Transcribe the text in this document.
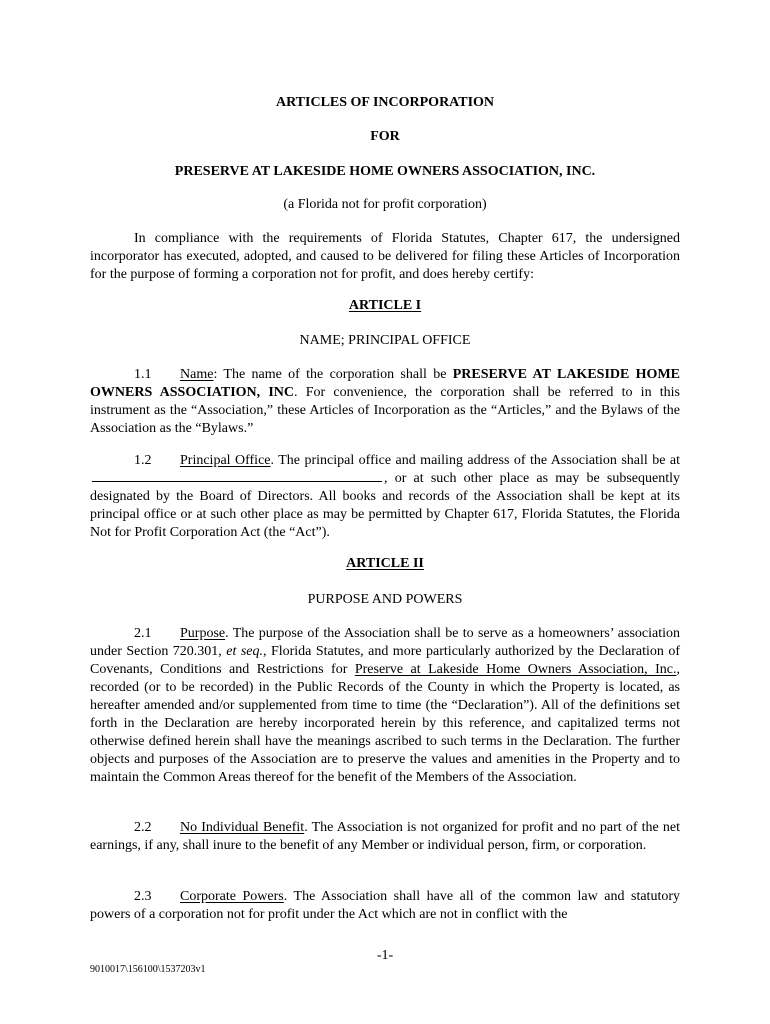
ARTICLES OF INCORPORATION
FOR
PRESERVE AT LAKESIDE HOME OWNERS ASSOCIATION, INC.
(a Florida not for profit corporation)

In compliance with the requirements of Florida Statutes, Chapter 617, the undersigned incorporator has executed, adopted, and caused to be delivered for filing these Articles of Incorporation for the purpose of forming a corporation not for profit, and does hereby certify:

ARTICLE I
NAME; PRINCIPAL OFFICE

1.1 Name: The name of the corporation shall be PRESERVE AT LAKESIDE HOME OWNERS ASSOCIATION, INC. For convenience, the corporation shall be referred to in this instrument as the “Association,” these Articles of Incorporation as the “Articles,” and the Bylaws of the Association as the “Bylaws.”

1.2 Principal Office. The principal office and mailing address of the Association shall be at , or at such other place as may be subsequently designated by the Board of Directors. All books and records of the Association shall be kept at its principal office or at such other place as may be permitted by Chapter 617, Florida Statutes, the Florida Not for Profit Corporation Act (the “Act”).

ARTICLE II
PURPOSE AND POWERS

2.1 Purpose. The purpose of the Association shall be to serve as a homeowners’ association under Section 720.301, et seq., Florida Statutes, and more particularly authorized by the Declaration of Covenants, Conditions and Restrictions for Preserve at Lakeside Home Owners Association, Inc., recorded (or to be recorded) in the Public Records of the County in which the Property is located, as hereafter amended and/or supplemented from time to time (the “Declaration”). All of the definitions set forth in the Declaration are hereby incorporated herein by this reference, and capitalized terms not otherwise defined herein shall have the meanings ascribed to such terms in the Declaration. The further objects and purposes of the Association are to preserve the values and amenities in the Property and to maintain the Common Areas thereof for the benefit of the Members of the Association.

2.2 No Individual Benefit. The Association is not organized for profit and no part of the net earnings, if any, shall inure to the benefit of any Member or individual person, firm, or corporation.

2.3 Corporate Powers. The Association shall have all of the common law and statutory powers of a corporation not for profit under the Act which are not in conflict with the

-1-
9010017\156100\1537203v1
